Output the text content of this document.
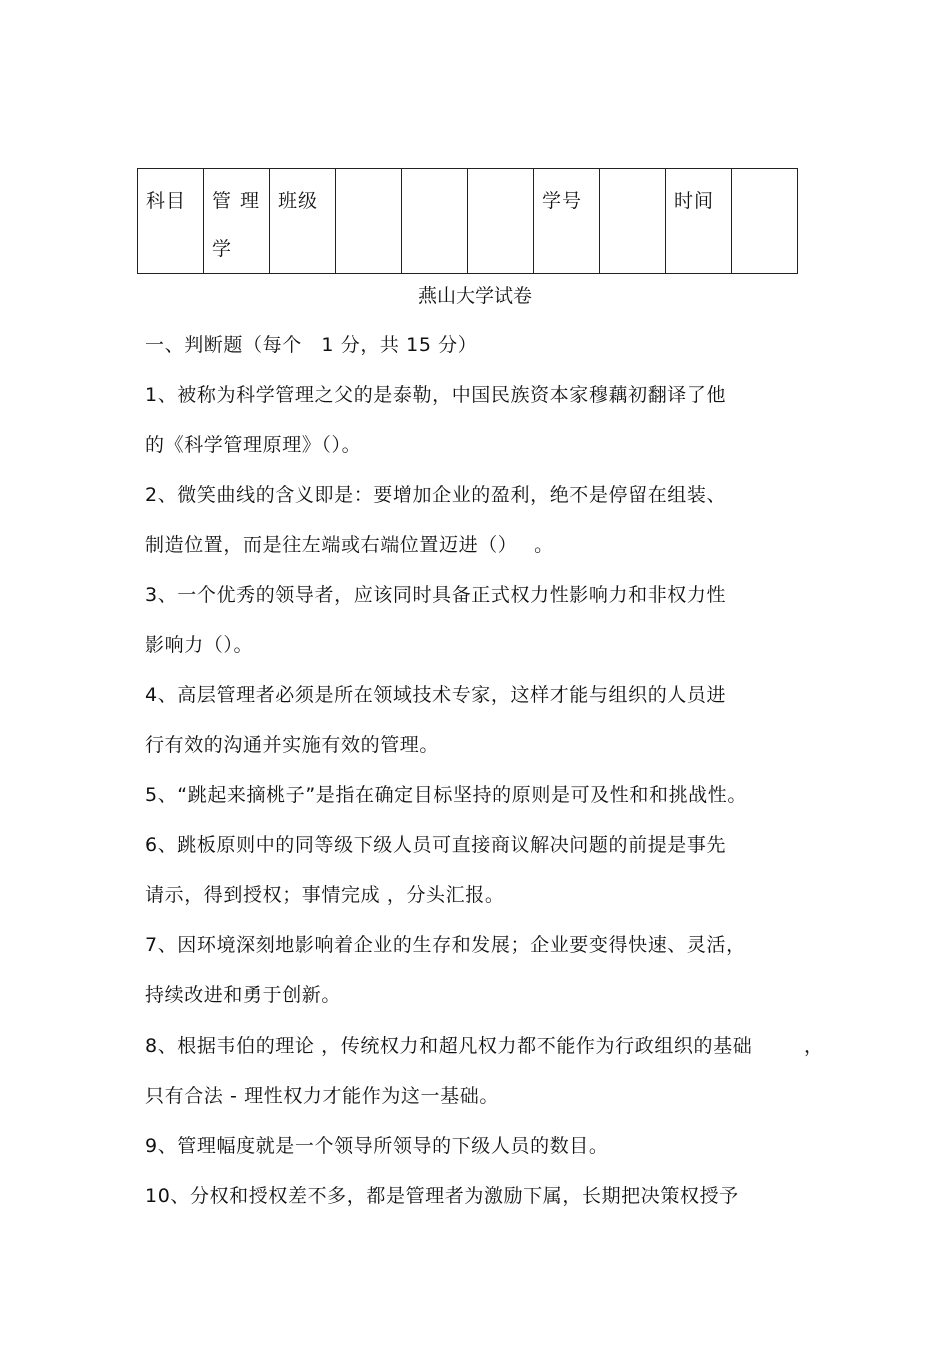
科目	管理学	班级				学号		时间	
燕山大学试卷
一、判断题（每个　1 分，共 15 分）
1、被称为科学管理之父的是泰勒，中国民族资本家穆藕初翻译了他
的《科学管理原理》（）。
2、微笑曲线的含义即是：要增加企业的盈利，绝不是停留在组装、
制造位置，而是往左端或右端位置迈进（）　 。
3、一个优秀的领导者，应该同时具备正式权力性影响力和非权力性
影响力（）。
4、高层管理者必须是所在领域技术专家，这样才能与组织的人员进
行有效的沟通并实施有效的管理。
5、“跳起来摘桃子”是指在确定目标坚持的原则是可及性和和挑战性。
6、跳板原则中的同等级下级人员可直接商议解决问题的前提是事先
请示，得到授权；事情完成 ，分头汇报。
7、因环境深刻地影响着企业的生存和发展；企业要变得快速、灵活，
持续改进和勇于创新。
8、根据韦伯的理论 ，传统权力和超凡权力都不能作为行政组织的基础	，
只有合法 - 理性权力才能作为这一基础。
9、管理幅度就是一个领导所领导的下级人员的数目。
10、分权和授权差不多，都是管理者为激励下属，长期把决策权授予
